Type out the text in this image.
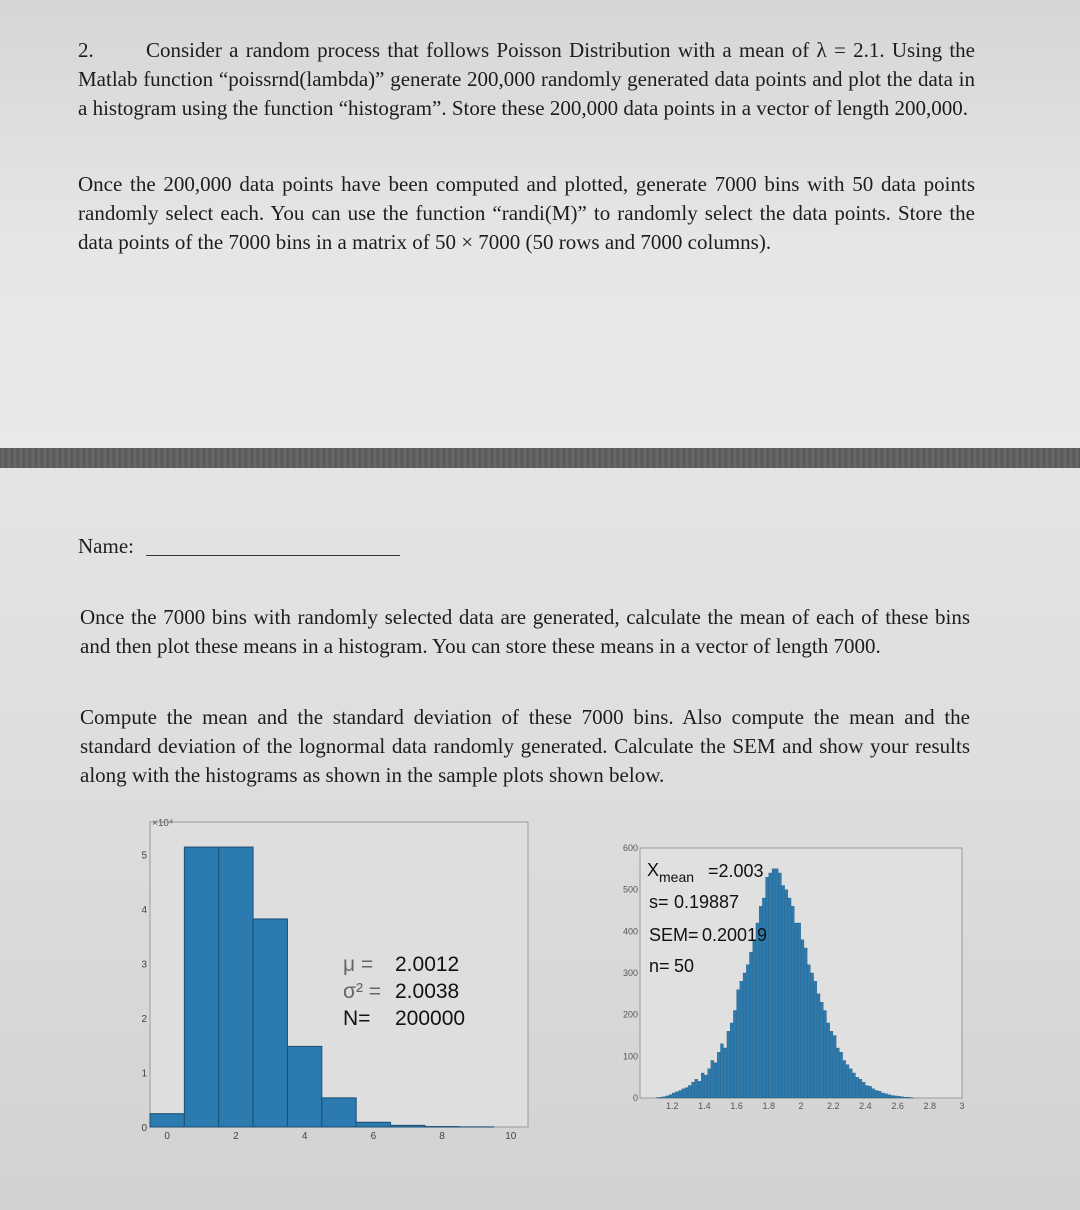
2. Consider a random process that follows Poisson Distribution with a mean of λ = 2.1. Using the Matlab function “poissrnd(lambda)” generate 200,000 randomly generated data points and plot the data in a histogram using the function “histogram”. Store these 200,000 data points in a vector of length 200,000.

Once the 200,000 data points have been computed and plotted, generate 7000 bins with 50 data points randomly select each. You can use the function “randi(M)” to randomly select the data points. Store the data points of the 7000 bins in a matrix of 50 × 7000 (50 rows and 7000 columns).

Name:

Once the 7000 bins with randomly selected data are generated, calculate the mean of each of these bins and then plot these means in a histogram. You can store these means in a vector of length 7000.

Compute the mean and the standard deviation of these 7000 bins. Also compute the mean and the standard deviation of the lognormal data randomly generated. Calculate the SEM and show your results along with the histograms as shown in the sample plots shown below.

×10⁴
0	2	4	6	8	10
0
1
2
3
4
5
μ = 2.0012
σ² = 2.0038
N= 200000
1.2 1.4 1.6 1.8	2	2.2 2.4 2.6 2.8	3
0
100
200
300
400
500
600
$X_{mean} =2.003$
s= 0.19887
SEM= 0.20019
n= 50
